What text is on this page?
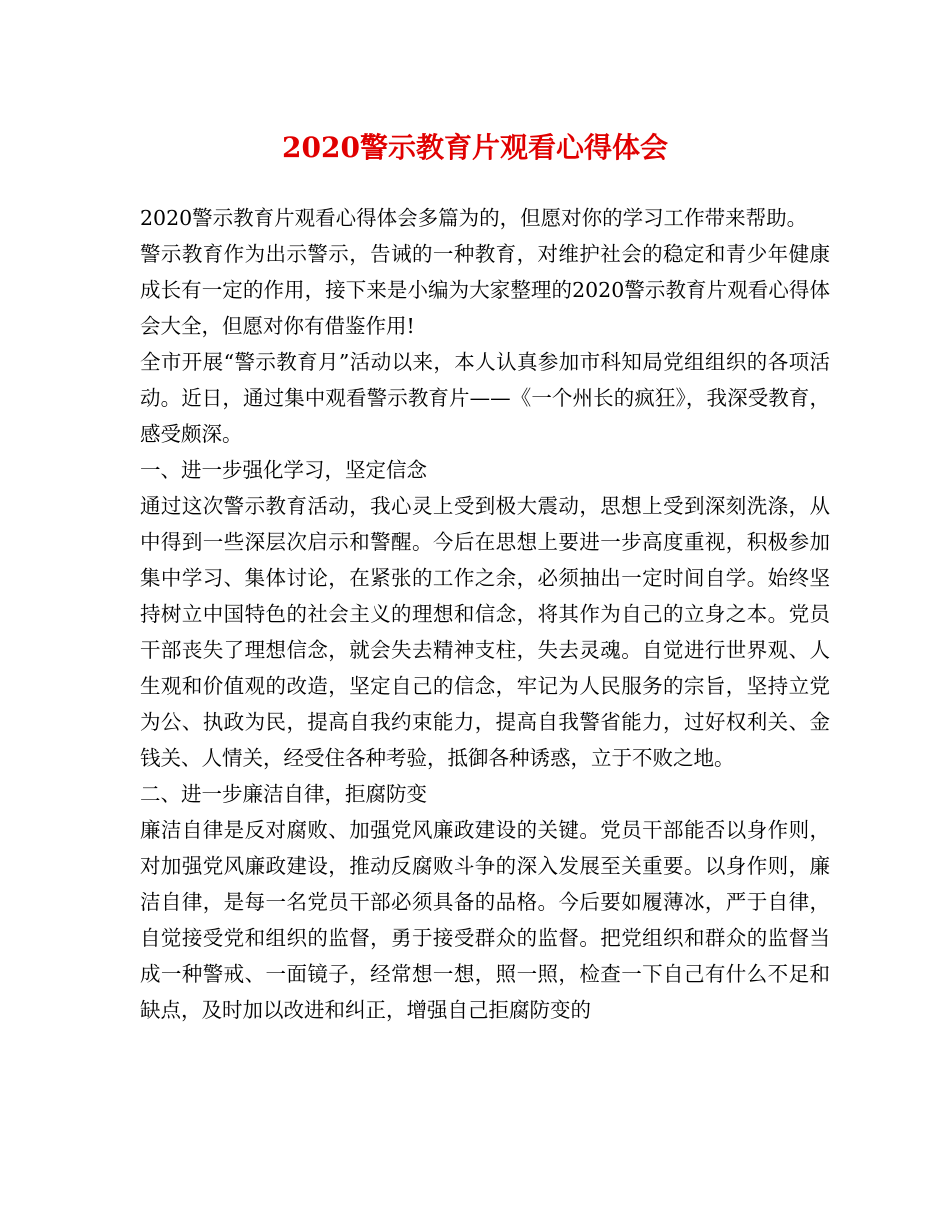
2020警示教育片观看心得体会

2020警示教育片观看心得体会多篇为的，但愿对你的学习工作带来帮助。

警示教育作为出示警示，告诫的一种教育，对维护社会的稳定和青少年健康成长有一定的作用，接下来是小编为大家整理的2020警示教育片观看心得体会大全，但愿对你有借鉴作用!

全市开展“警示教育月”活动以来，本人认真参加市科知局党组组织的各项活动。近日，通过集中观看警示教育片——《一个州长的疯狂》，我深受教育，感受颇深。

一、进一步强化学习，坚定信念

通过这次警示教育活动，我心灵上受到极大震动，思想上受到深刻洗涤，从中得到一些深层次启示和警醒。今后在思想上要进一步高度重视，积极参加集中学习、集体讨论，在紧张的工作之余，必须抽出一定时间自学。始终坚持树立中国特色的社会主义的理想和信念，将其作为自己的立身之本。党员干部丧失了理想信念，就会失去精神支柱，失去灵魂。自觉进行世界观、人生观和价值观的改造，坚定自己的信念，牢记为人民服务的宗旨，坚持立党为公、执政为民，提高自我约束能力，提高自我警省能力，过好权利关、金钱关、人情关，经受住各种考验，抵御各种诱惑，立于不败之地。

二、进一步廉洁自律，拒腐防变

廉洁自律是反对腐败、加强党风廉政建设的关键。党员干部能否以身作则，对加强党风廉政建设，推动反腐败斗争的深入发展至关重要。以身作则，廉洁自律，是每一名党员干部必须具备的品格。今后要如履薄冰，严于自律，自觉接受党和组织的监督，勇于接受群众的监督。把党组织和群众的监督当成一种警戒、一面镜子，经常想一想，照一照，检查一下自己有什么不足和缺点，及时加以改进和纠正，增强自己拒腐防变的
